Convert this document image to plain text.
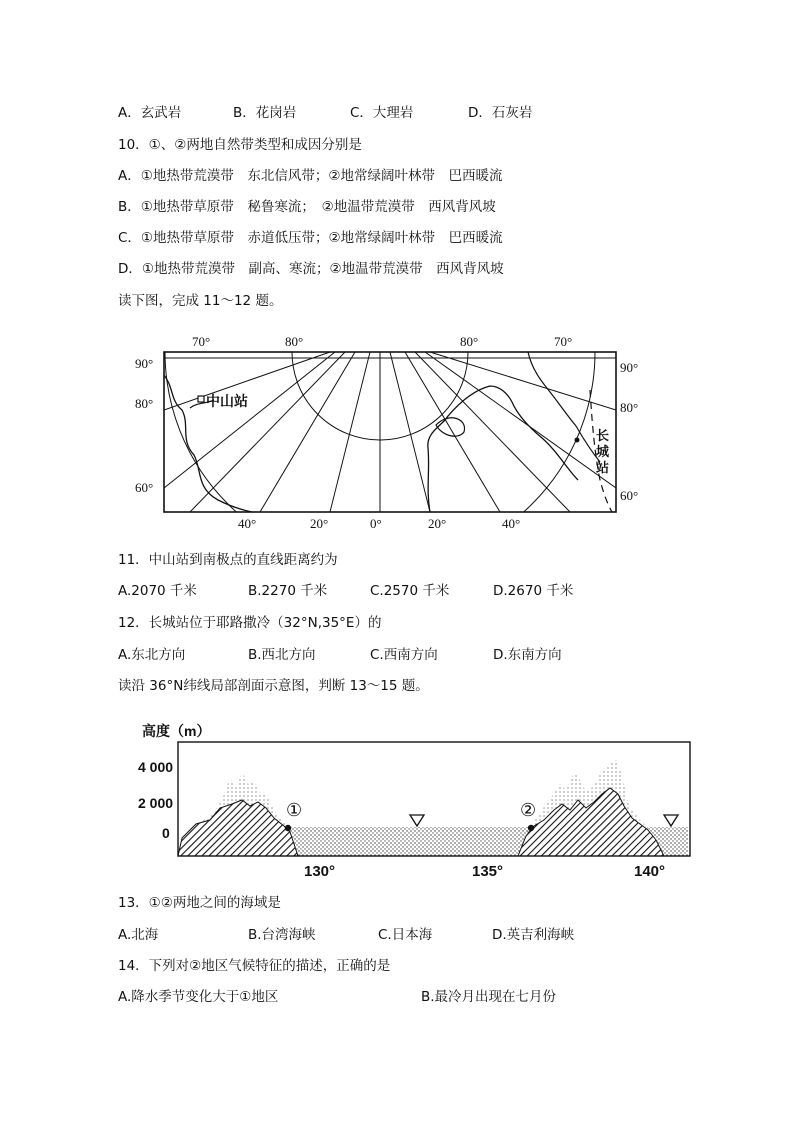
A．玄武岩	B．花岗岩	C．大理岩	D．石灰岩
10．①、②两地自然带类型和成因分别是
A．①地热带荒漠带　东北信风带；②地常绿阔叶林带　巴西暖流
B．①地热带草原带　秘鲁寒流；　②地温带荒漠带　西风背风坡
C．①地热带草原带　赤道低压带；②地常绿阔叶林带　巴西暖流
D．①地热带荒漠带　副高、寒流；②地温带荒漠带　西风背风坡
读下图，完成 11～12 题。
70°	80°	80°	70°
90°
80°
60°
90°
80°
60°
40°	20°	0°	20°	40°
中山站
长
城
站
11．中山站到南极点的直线距离约为
A.2070 千米	B.2270 千米	C.2570 千米	D.2670 千米
12．长城站位于耶路撒冷（32°N,35°E）的
A.东北方向	B.西北方向	C.西南方向	D.东南方向
读沿 36°N纬线局部剖面示意图，判断 13～15 题。
高度（m）
4 000
2 000
0
①	②
130°	135°	140°
13．①②两地之间的海域是
A.北海	B.台湾海峡	C.日本海	D.英吉利海峡
14．下列对②地区气候特征的描述，正确的是
A.降水季节变化大于①地区	B.最冷月出现在七月份
